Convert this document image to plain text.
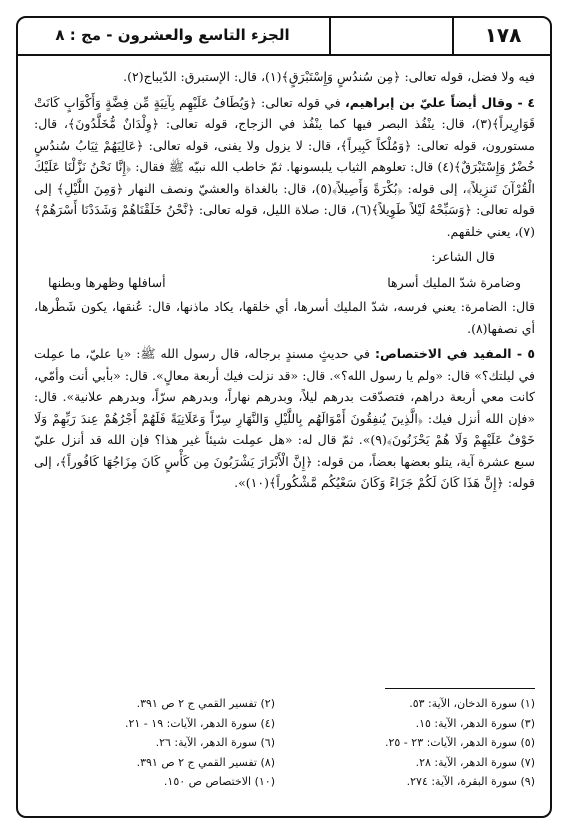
الجزء التاسع والعشرون - مج : ٨	١٧٨

فيه ولا فضل، قوله تعالى: ﴿مِن سُندُسٍ وَإِسْتَبْرَقٍ﴾(١)، قال: الإستبرق: الدّيباج(٢).

٤ - وقال أيضاً عليّ بن إبراهيم، في قوله تعالى: ﴿وَيُطَافُ عَلَيْهِم بِآنِيَةٍ مِّن فِضَّةٍ وَأَكْوَابٍ كَانَتْ قَوَارِيراً﴾(٣)، قال: ينْفُذ البصر فيها كما ينْفُذ في الزجاج، قوله تعالى: ﴿وِلْدَانٌ مُّخَلَّدُونَ﴾، قال: مستورون، قوله تعالى: ﴿وَمُلْكاً كَبِيراً﴾، قال: لا يزول ولا يفنى، قوله تعالى: ﴿عَالِيَهُمْ ثِيَابُ سُندُسٍ خُضْرٌ وَإِسْتَبْرَقٌ﴾(٤) قال: تعلوهم الثياب يلبسونها. ثمّ خاطب الله نبيّه ﷺ فقال: ﴿إِنَّا نَحْنُ نَزَّلْنَا عَلَيْكَ الْقُرْآنَ تَنزِيلاً﴾، إلى قوله: ﴿بُكْرَةً وَأَصِيلاً﴾(٥)، قال: بالغداة والعشيّ ونصف النهار ﴿وَمِنَ اللَّيْلِ﴾ إلى قوله تعالى: ﴿وَسَبِّحْهُ لَيْلاً طَوِيلاً﴾(٦)، قال: صلاة الليل، قوله تعالى: ﴿نَّحْنُ خَلَقْنَاهُمْ وَشَدَدْنَا أَسْرَهُمْ﴾(٧)، يعني خلقهم.

قال الشاعر:

وضامرة شدّ المليك أسرها
أسافلها وظهرها وبطنها

قال: الضامرة: يعني فرسه، شدّ المليك أسرها، أي خلقها، يكاد ماذنها، قال: عُنقها، يكون شَطْرها، أي نصفها(٨).

٥ - المفيد في الاختصاص: في حديثٍ مسندٍ برجاله، قال رسول الله ﷺ: «يا عليّ، ما عمِلت في ليلتك؟» قال: «ولم يا رسول الله؟». قال: «قد نزلت فيك أربعة معالٍ». قال: «بأبي أنت وأمّي، كانت معي أربعة دراهم، فتصدّقت بدرهم ليلاً، وبدرهم نهاراً، وبدرهم سرّاً، وبدرهم علانية». قال: «فإن الله أنزل فيك: ﴿الَّذِينَ يُنفِقُونَ أَمْوَالَهُم بِاللَّيْلِ وَالنَّهَارِ سِرّاً وَعَلَانِيَةً فَلَهُمْ أَجْرُهُمْ عِندَ رَبِّهِمْ وَلَا خَوْفٌ عَلَيْهِمْ وَلَا هُمْ يَحْزَنُونَ﴾(٩)». ثمّ قال له: «هل عمِلت شيئاً غير هذا؟ فإن الله قد أنزل عليّ سبع عشرة آية، يتلو بعضها بعضاً، من قوله: ﴿إِنَّ الْأَبْرَارَ يَشْرَبُونَ مِن كَأْسٍ كَانَ مِزَاجُهَا كَافُوراً﴾، إلى قوله: ﴿إِنَّ هَذَا كَانَ لَكُمْ جَزَاءً وَكَانَ سَعْيُكُم مَّشْكُوراً﴾(١٠)».

(١) سورة الدخان، الآية: ٥٣.
(٣) سورة الدهر، الآية: ١٥.
(٥) سورة الدهر، الآيات: ٢٣ - ٢٥.
(٧) سورة الدهر، الآية: ٢٨.
(٩) سورة البقرة، الآية: ٢٧٤.
(٢) تفسير القمي ج ٢ ص ٣٩١.
(٤) سورة الدهر، الآيات: ١٩ - ٢١.
(٦) سورة الدهر، الآية: ٢٦.
(٨) تفسير القمي ج ٢ ص ٣٩١.
(١٠) الاختصاص ص ١٥٠.
